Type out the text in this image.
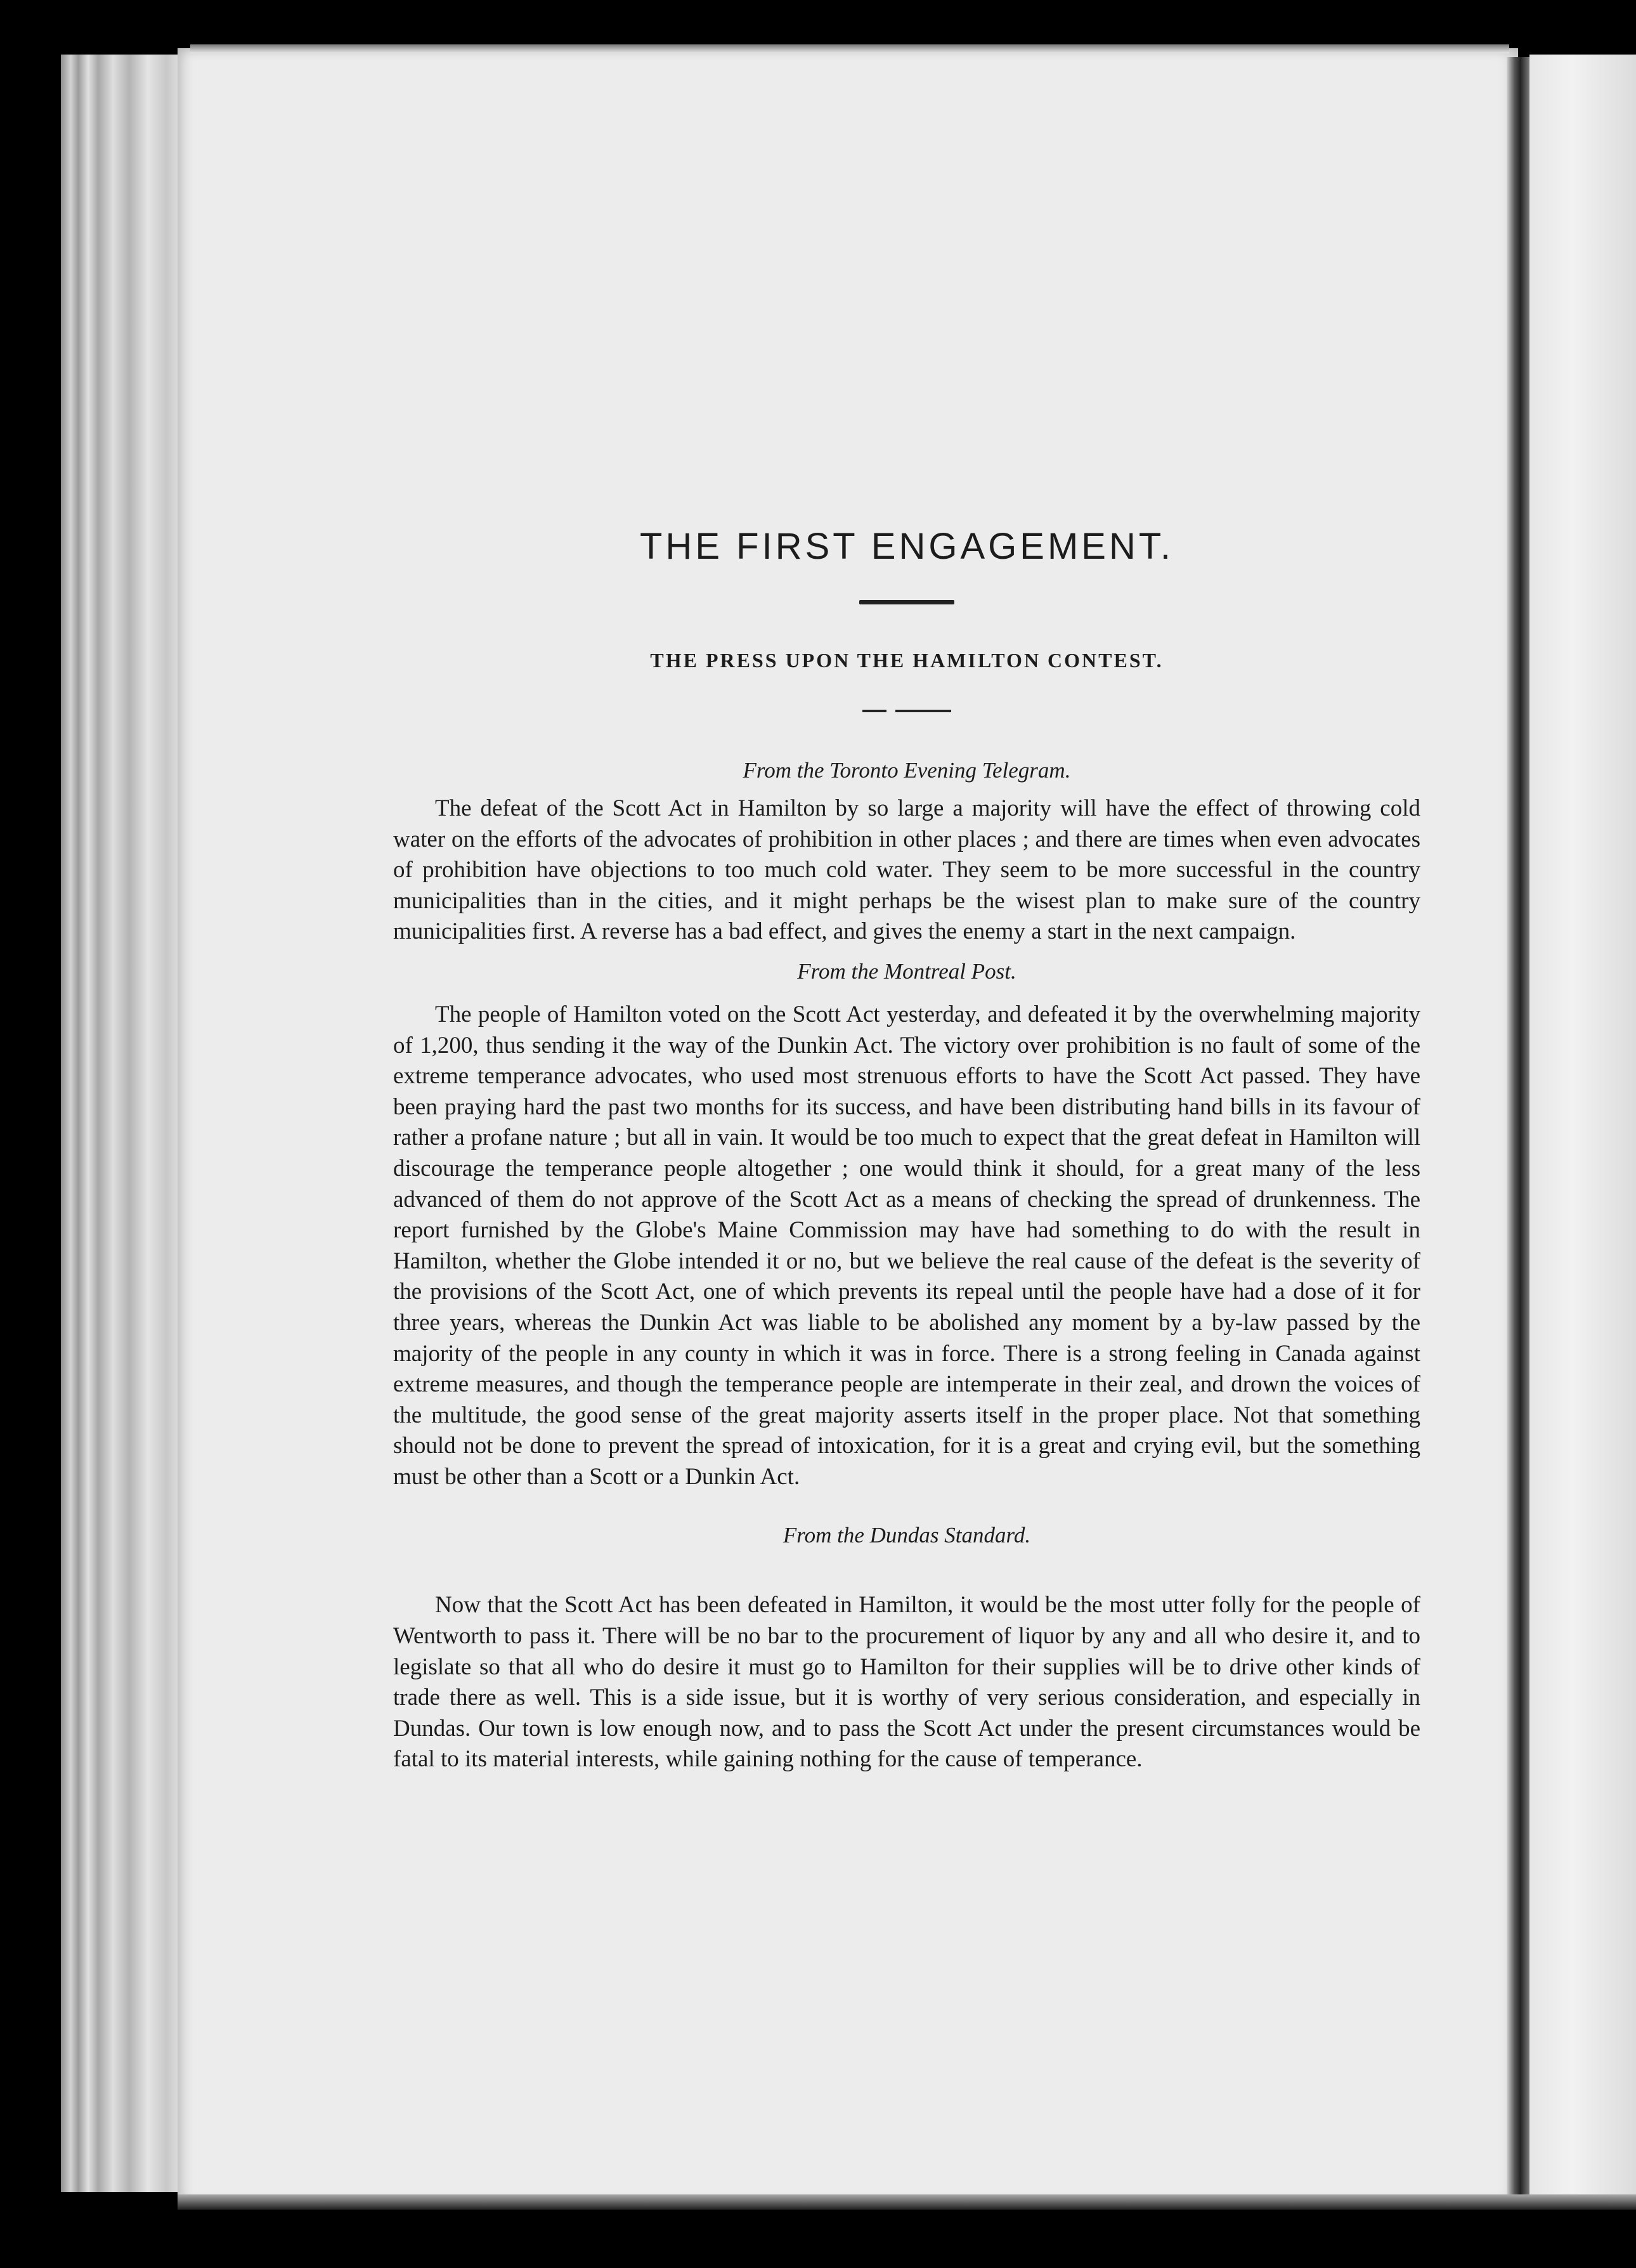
THE FIRST ENGAGEMENT.
THE PRESS UPON THE HAMILTON CONTEST.

From the Toronto Evening Telegram.

The defeat of the Scott Act in Hamilton by so large a majority will have the effect of throwing cold water on the efforts of the advocates of prohibition in other places ; and there are times when even advocates of prohibition have objections to too much cold water. They seem to be more successful in the country municipalities than in the cities, and it might perhaps be the wisest plan to make sure of the country municipalities first. A reverse has a bad effect, and gives the enemy a start in the next campaign.

From the Montreal Post.

The people of Hamilton voted on the Scott Act yesterday, and defeated it by the overwhelming majority of 1,200, thus sending it the way of the Dunkin Act. The victory over prohibition is no fault of some of the extreme temperance advocates, who used most strenuous efforts to have the Scott Act passed. They have been praying hard the past two months for its success, and have been distributing hand bills in its favour of rather a profane nature ; but all in vain. It would be too much to expect that the great defeat in Hamilton will discourage the temperance people altogether ; one would think it should, for a great many of the less advanced of them do not approve of the Scott Act as a means of checking the spread of drunkenness. The report furnished by the Globe's Maine Commission may have had something to do with the result in Hamilton, whether the Globe intended it or no, but we believe the real cause of the defeat is the severity of the provisions of the Scott Act, one of which prevents its repeal until the people have had a dose of it for three years, whereas the Dunkin Act was liable to be abolished any moment by a by-law passed by the majority of the people in any county in which it was in force. There is a strong feeling in Canada against extreme measures, and though the temperance people are intemperate in their zeal, and drown the voices of the multitude, the good sense of the great majority asserts itself in the proper place. Not that something should not be done to prevent the spread of intoxication, for it is a great and crying evil, but the something must be other than a Scott or a Dunkin Act.

From the Dundas Standard.

Now that the Scott Act has been defeated in Hamilton, it would be the most utter folly for the people of Wentworth to pass it. There will be no bar to the procurement of liquor by any and all who desire it, and to legislate so that all who do desire it must go to Hamilton for their supplies will be to drive other kinds of trade there as well. This is a side issue, but it is worthy of very serious consideration, and especially in Dundas. Our town is low enough now, and to pass the Scott Act under the present circumstances would be fatal to its material interests, while gaining nothing for the cause of temperance.
